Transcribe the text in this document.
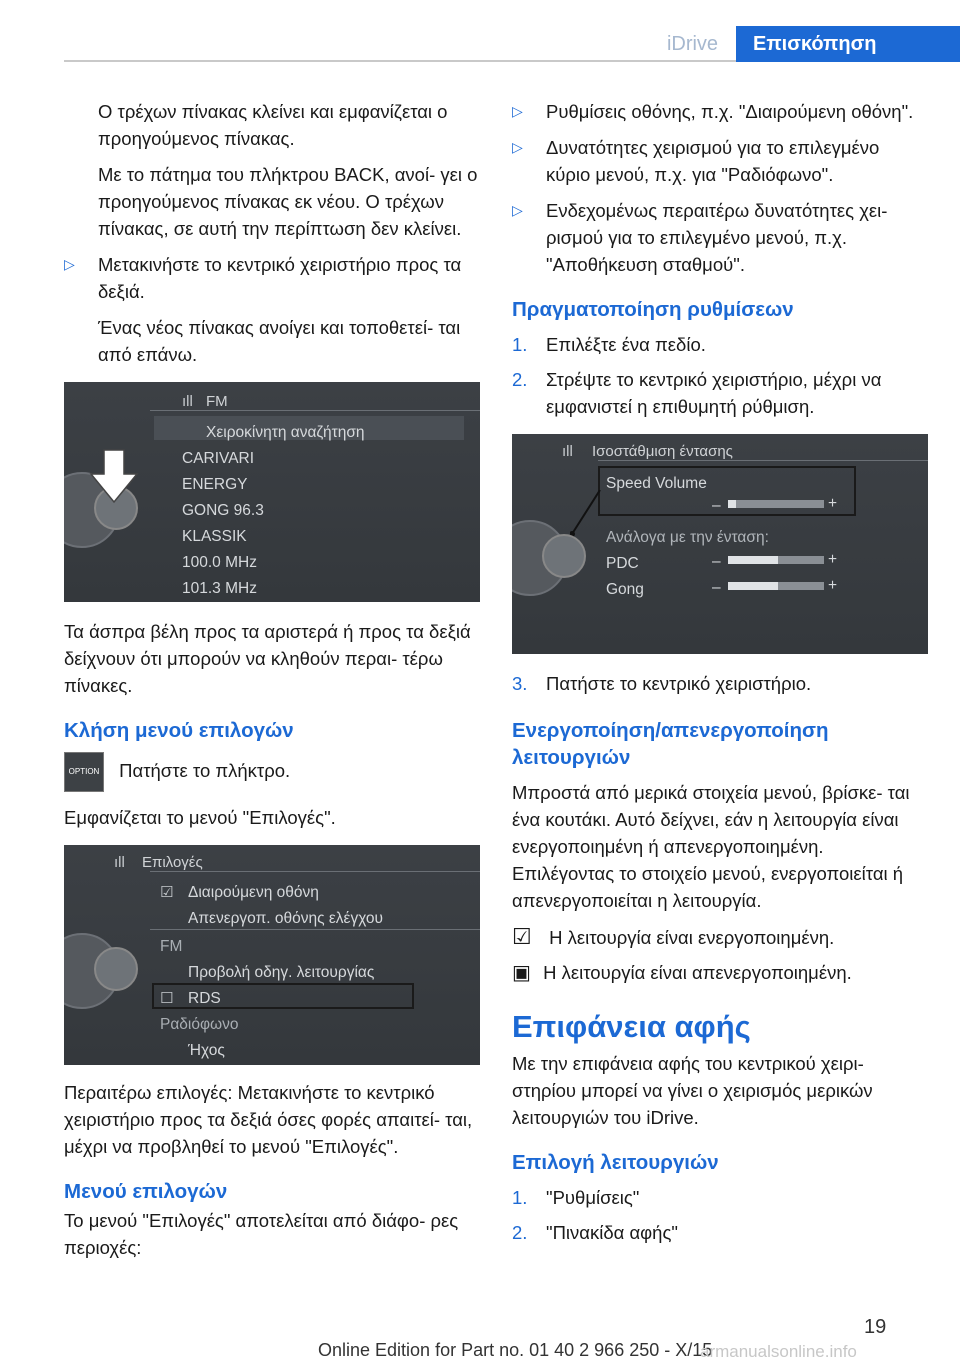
iDrive	Επισκόπηση

Ο τρέχων πίνακας κλείνει και εμφανίζεται ο προηγούμενος πίνακας.

Με το πάτημα του πλήκτρου BACK, ανοί‐ γει ο προηγούμενος πίνακας εκ νέου. Ο τρέχων πίνακας, σε αυτή την περίπτωση δεν κλείνει.

▷ Μετακινήστε το κεντρικό χειριστήριο προς τα δεξιά.

Ένας νέος πίνακας ανοίγει και τοποθετεί‐ ται από επάνω.

ıll FM
Χειροκίνητη αναζήτηση
CARIVARI
ENERGY
GONG 96.3
KLASSIK
100.0 MHz
101.3 MHz

Τα άσπρα βέλη προς τα αριστερά ή προς τα δεξιά δείχνουν ότι μπορούν να κληθούν περαι‐ τέρω πίνακες.

Κλήση μενού επιλογών
OPTION Πατήστε το πλήκτρο.

Εμφανίζεται το μενού "Επιλογές".

ıll Επιλογές
☑ Διαιρούμενη οθόνη
Απενεργοπ. οθόνης ελέγχου
FM
Προβολή οδηγ. λειτουργίας
☐ RDS
Ραδιόφωνο
Ήχος

Περαιτέρω επιλογές: Μετακινήστε το κεντρικό χειριστήριο προς τα δεξιά όσες φορές απαιτεί‐ ται, μέχρι να προβληθεί το μενού "Επιλογές".

Μενού επιλογών

Το μενού "Επιλογές" αποτελείται από διάφο‐ ρες περιοχές:

▷ Ρυθμίσεις οθόνης, π.χ. "Διαιρούμενη οθόνη".
▷ Δυνατότητες χειρισμού για το επιλεγμένο κύριο μενού, π.χ. για "Ραδιόφωνο".
▷ Ενδεχομένως περαιτέρω δυνατότητες χει‐ ρισμού για το επιλεγμένο μενού, π.χ. "Αποθήκευση σταθμού".
Πραγματοποίηση ρυθμίσεων
1. Επιλέξτε ένα πεδίο.
2. Στρέψτε το κεντρικό χειριστήριο, μέχρι να εμφανιστεί η επιθυμητή ρύθμιση.
ıll Ισοστάθμιση έντασης
Speed Volume
–	+
Ανάλογα με την ένταση:
PDC	–	+
Gong	–	+
3. Πατήστε το κεντρικό χειριστήριο.
Ενεργοποίηση/απενεργοποίηση λειτουργιών

Μπροστά από μερικά στοιχεία μενού, βρίσκε‐ ται ένα κουτάκι. Αυτό δείχνει, εάν η λειτουργία είναι ενεργοποιημένη ή απενεργοποιημένη. Επιλέγοντας το στοιχείο μενού, ενεργοποιείται ή απενεργοποιείται η λειτουργία.

☑ Η λειτουργία είναι ενεργοποιημένη.
▣ Η λειτουργία είναι απενεργοποιημένη.
Επιφάνεια αφής

Με την επιφάνεια αφής του κεντρικού χειρι‐ στηρίου μπορεί να γίνει ο χειρισμός μερικών λειτουργιών του iDrive.

Επιλογή λειτουργιών
1. "Ρυθμίσεις"
2. "Πινακίδα αφής"
19
Online Edition for Part no. 01 40 2 966 250 - X/15
armanualsonline.info
